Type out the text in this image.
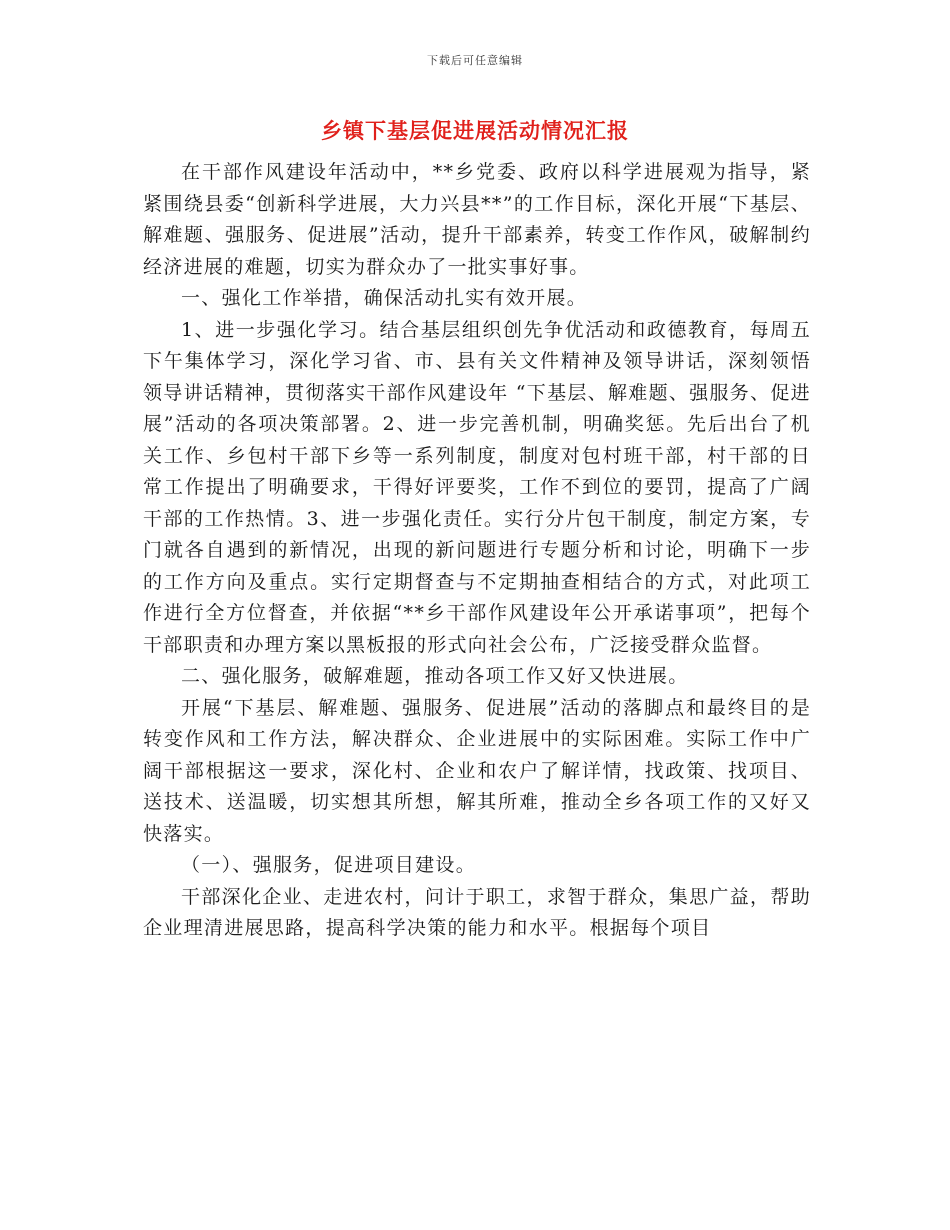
下载后可任意编辑
乡镇下基层促进展活动情况汇报

在干部作风建设年活动中，**乡党委、政府以科学进展观为指导，紧紧围绕县委“创新科学进展，大力兴县**”的工作目标，深化开展“下基层、解难题、强服务、促进展”活动，提升干部素养，转变工作作风，破解制约经济进展的难题，切实为群众办了一批实事好事。

一、强化工作举措，确保活动扎实有效开展。

1、进一步强化学习。结合基层组织创先争优活动和政德教育，每周五下午集体学习，深化学习省、市、县有关文件精神及领导讲话，深刻领悟领导讲话精神，贯彻落实干部作风建设年 “下基层、解难题、强服务、促进展”活动的各项决策部署。2、进一步完善机制，明确奖惩。先后出台了机关工作、乡包村干部下乡等一系列制度，制度对包村班干部，村干部的日常工作提出了明确要求，干得好评要奖，工作不到位的要罚，提高了广阔干部的工作热情。3、进一步强化责任。实行分片包干制度，制定方案，专门就各自遇到的新情况，出现的新问题进行专题分析和讨论，明确下一步的工作方向及重点。实行定期督查与不定期抽查相结合的方式，对此项工作进行全方位督查，并依据“**乡干部作风建设年公开承诺事项”，把每个干部职责和办理方案以黑板报的形式向社会公布，广泛接受群众监督。

二、强化服务，破解难题，推动各项工作又好又快进展。

开展“下基层、解难题、强服务、促进展”活动的落脚点和最终目的是转变作风和工作方法，解决群众、企业进展中的实际困难。实际工作中广阔干部根据这一要求，深化村、企业和农户了解详情，找政策、找项目、送技术、送温暖，切实想其所想，解其所难，推动全乡各项工作的又好又快落实。

（一）、强服务，促进项目建设。

干部深化企业、走进农村，问计于职工，求智于群众，集思广益，帮助企业理清进展思路，提高科学决策的能力和水平。根据每个项目
